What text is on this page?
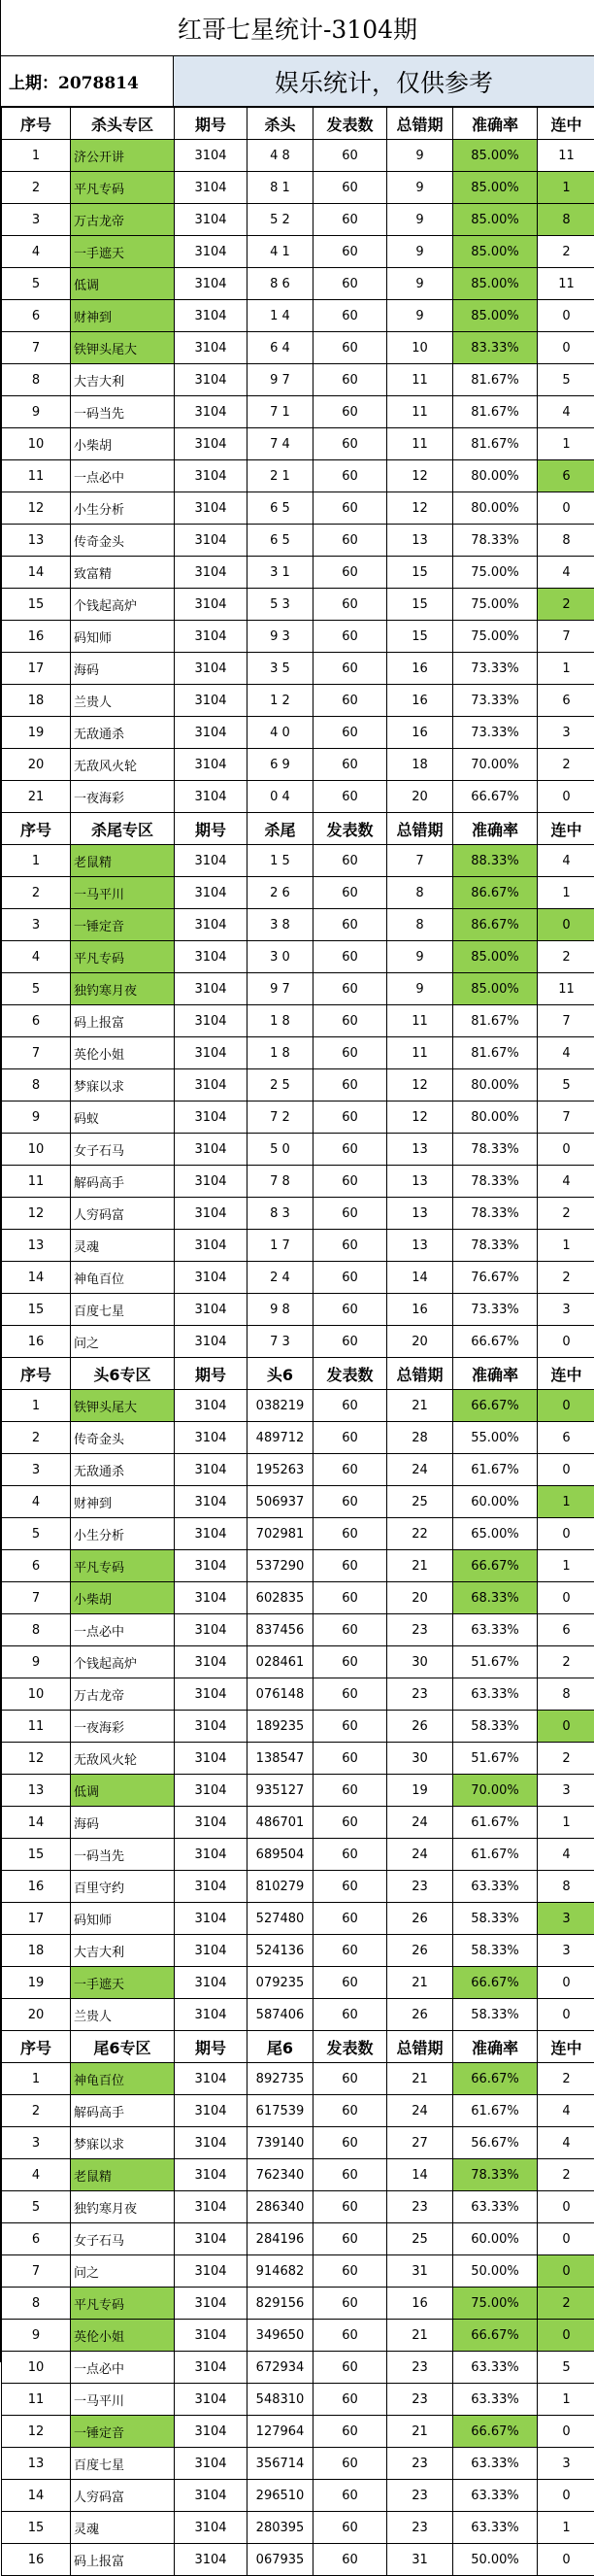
红哥七星统计-3104期
上期：2078814	娱乐统计，仅供参考
序号	杀头专区	期号	杀头	发表数	总错期	准确率	连中
1	济公开讲	3104	4 8	60	9	85.00%	11
2	平凡专码	3104	8 1	60	9	85.00%	1
3	万古龙帝	3104	5 2	60	9	85.00%	8
4	一手遮天	3104	4 1	60	9	85.00%	2
5	低调	3104	8 6	60	9	85.00%	11
6	财神到	3104	1 4	60	9	85.00%	0
7	铁钾头尾大	3104	6 4	60	10	83.33%	0
8	大吉大利	3104	9 7	60	11	81.67%	5
9	一码当先	3104	7 1	60	11	81.67%	4
10	小柴胡	3104	7 4	60	11	81.67%	1
11	一点必中	3104	2 1	60	12	80.00%	6
12	小生分析	3104	6 5	60	12	80.00%	0
13	传奇金头	3104	6 5	60	13	78.33%	8
14	致富精	3104	3 1	60	15	75.00%	4
15	个钱起高炉	3104	5 3	60	15	75.00%	2
16	码知师	3104	9 3	60	15	75.00%	7
17	海码	3104	3 5	60	16	73.33%	1
18	兰贵人	3104	1 2	60	16	73.33%	6
19	无敌通杀	3104	4 0	60	16	73.33%	3
20	无敌风火轮	3104	6 9	60	18	70.00%	2
21	一夜海彩	3104	0 4	60	20	66.67%	0
序号	杀尾专区	期号	杀尾	发表数	总错期	准确率	连中
1	老鼠精	3104	1 5	60	7	88.33%	4
2	一马平川	3104	2 6	60	8	86.67%	1
3	一锤定音	3104	3 8	60	8	86.67%	0
4	平凡专码	3104	3 0	60	9	85.00%	2
5	独钓寒月夜	3104	9 7	60	9	85.00%	11
6	码上报富	3104	1 8	60	11	81.67%	7
7	英伦小姐	3104	1 8	60	11	81.67%	4
8	梦寐以求	3104	2 5	60	12	80.00%	5
9	码蚁	3104	7 2	60	12	80.00%	7
10	女子石马	3104	5 0	60	13	78.33%	0
11	解码高手	3104	7 8	60	13	78.33%	4
12	人穷码富	3104	8 3	60	13	78.33%	2
13	灵魂	3104	1 7	60	13	78.33%	1
14	神龟百位	3104	2 4	60	14	76.67%	2
15	百度七星	3104	9 8	60	16	73.33%	3
16	问之	3104	7 3	60	20	66.67%	0
序号	头6专区	期号	头6	发表数	总错期	准确率	连中
1	铁钾头尾大	3104	038219	60	21	66.67%	0
2	传奇金头	3104	489712	60	28	55.00%	6
3	无敌通杀	3104	195263	60	24	61.67%	0
4	财神到	3104	506937	60	25	60.00%	1
5	小生分析	3104	702981	60	22	65.00%	0
6	平凡专码	3104	537290	60	21	66.67%	1
7	小柴胡	3104	602835	60	20	68.33%	0
8	一点必中	3104	837456	60	23	63.33%	6
9	个钱起高炉	3104	028461	60	30	51.67%	2
10	万古龙帝	3104	076148	60	23	63.33%	8
11	一夜海彩	3104	189235	60	26	58.33%	0
12	无敌风火轮	3104	138547	60	30	51.67%	2
13	低调	3104	935127	60	19	70.00%	3
14	海码	3104	486701	60	24	61.67%	1
15	一码当先	3104	689504	60	24	61.67%	4
16	百里守约	3104	810279	60	23	63.33%	8
17	码知师	3104	527480	60	26	58.33%	3
18	大吉大利	3104	524136	60	26	58.33%	3
19	一手遮天	3104	079235	60	21	66.67%	0
20	兰贵人	3104	587406	60	26	58.33%	0
序号	尾6专区	期号	尾6	发表数	总错期	准确率	连中
1	神龟百位	3104	892735	60	21	66.67%	2
2	解码高手	3104	617539	60	24	61.67%	4
3	梦寐以求	3104	739140	60	27	56.67%	4
4	老鼠精	3104	762340	60	14	78.33%	2
5	独钓寒月夜	3104	286340	60	23	63.33%	0
6	女子石马	3104	284196	60	25	60.00%	0
7	问之	3104	914682	60	31	50.00%	0
8	平凡专码	3104	829156	60	16	75.00%	2
9	英伦小姐	3104	349650	60	21	66.67%	0
10	一点必中	3104	672934	60	23	63.33%	5
11	一马平川	3104	548310	60	23	63.33%	1
12	一锤定音	3104	127964	60	21	66.67%	0
13	百度七星	3104	356714	60	23	63.33%	3
14	人穷码富	3104	296510	60	23	63.33%	0
15	灵魂	3104	280395	60	23	63.33%	1
16	码上报富	3104	067935	60	31	50.00%	0
